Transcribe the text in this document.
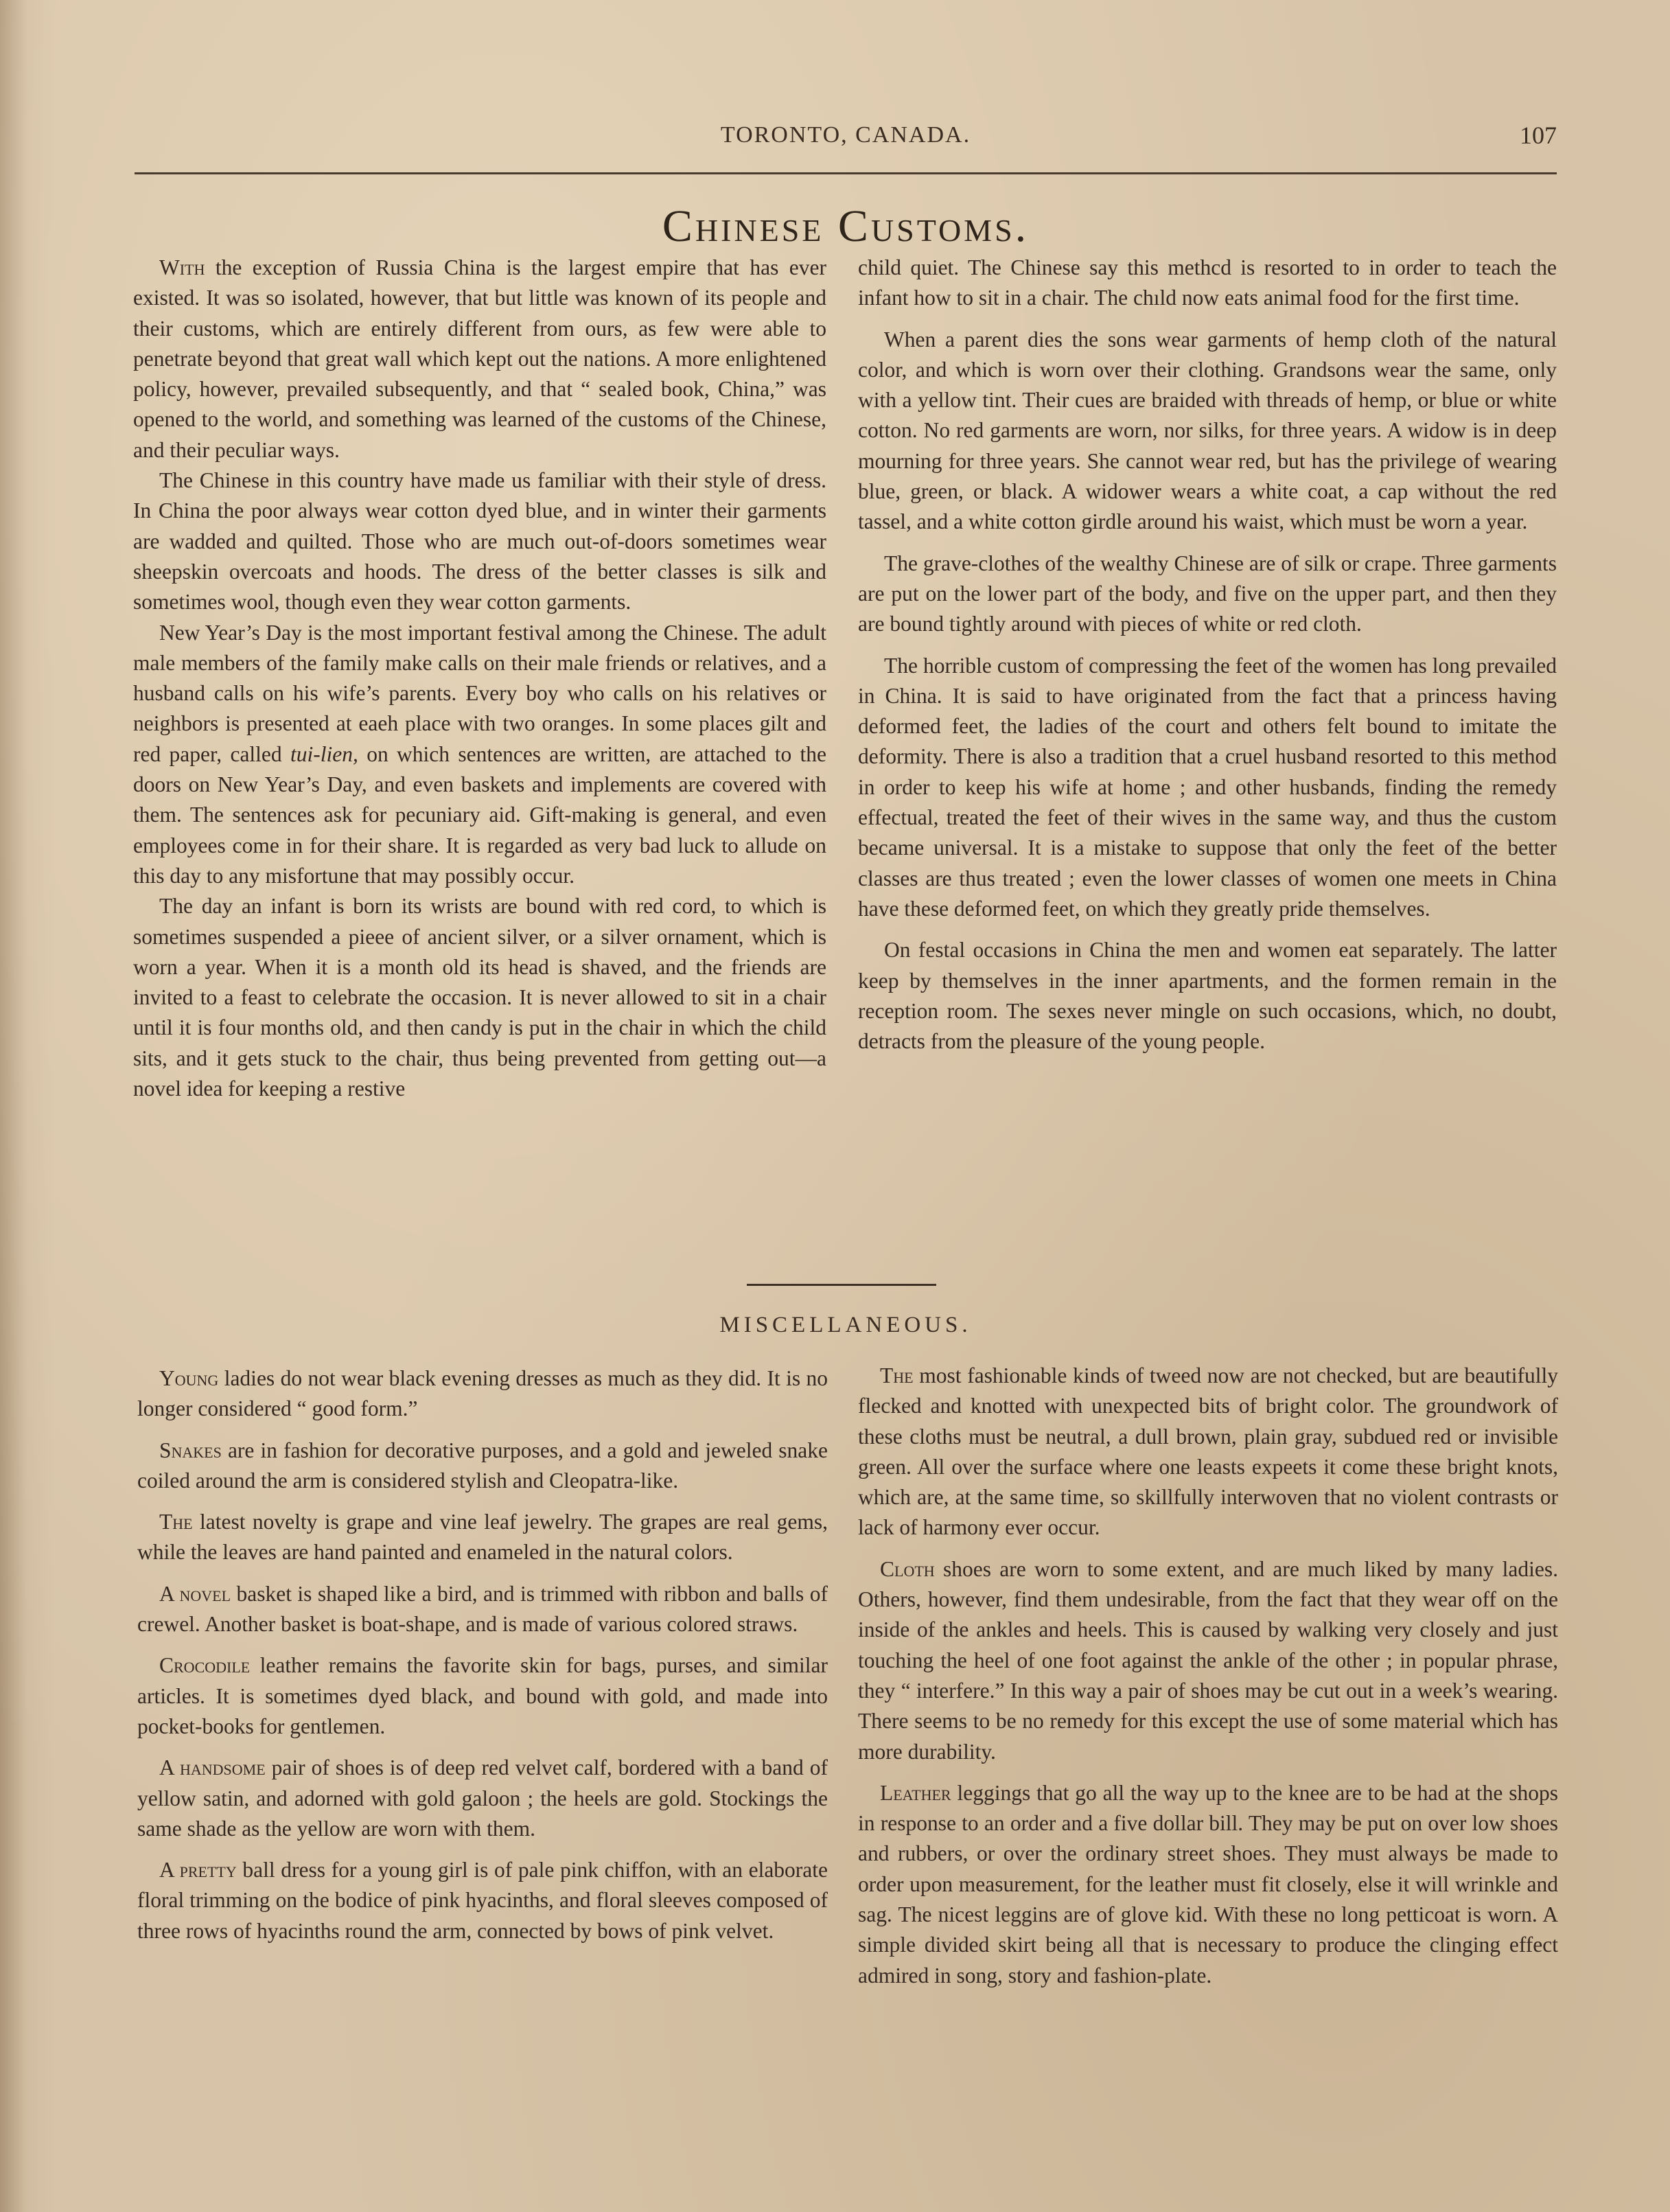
TORONTO, CANADA.	107
Chinese Customs.

With the exception of Russia China is the largest empire that has ever existed. It was so isolated, however, that but little was known of its people and their customs, which are entirely different from ours, as few were able to penetrate beyond that great wall which kept out the nations. A more enlightened policy, however, prevailed subsequently, and that “ sealed book, China,” was opened to the world, and something was learned of the customs of the Chinese, and their peculiar ways.

The Chinese in this country have made us familiar with their style of dress. In China the poor always wear cotton dyed blue, and in winter their garments are wadded and quilted. Those who are much out-of-doors sometimes wear sheepskin overcoats and hoods. The dress of the better classes is silk and sometimes wool, though even they wear cotton garments.

New Year’s Day is the most important festival among the Chinese. The adult male members of the family make calls on their male friends or relatives, and a husband calls on his wife’s parents. Every boy who calls on his relatives or neighbors is presented at eaeh place with two oranges. In some places gilt and red paper, called tui-lien, on which sentences are written, are attached to the doors on New Year’s Day, and even baskets and implements are covered with them. The sentences ask for pecuniary aid. Gift-making is general, and even employees come in for their share. It is regarded as very bad luck to allude on this day to any misfortune that may possibly occur.

The day an infant is born its wrists are bound with red cord, to which is sometimes suspended a pieee of ancient silver, or a silver ornament, which is worn a year. When it is a month old its head is shaved, and the friends are invited to a feast to celebrate the occasion. It is never allowed to sit in a chair until it is four months old, and then candy is put in the chair in which the child sits, and it gets stuck to the chair, thus being prevented from getting out—a novel idea for keeping a restive

child quiet. The Chinese say this methcd is resorted to in order to teach the infant how to sit in a chair. The chıld now eats animal food for the first time.

When a parent dies the sons wear garments of hemp cloth of the natural color, and which is worn over their clothing. Grandsons wear the same, only with a yellow tint. Their cues are braided with threads of hemp, or blue or white cotton. No red garments are worn, nor silks, for three years. A widow is in deep mourning for three years. She cannot wear red, but has the privilege of wearing blue, green, or black. A widower wears a white coat, a cap without the red tassel, and a white cotton girdle around his waist, which must be worn a year.

The grave-clothes of the wealthy Chinese are of silk or crape. Three garments are put on the lower part of the body, and five on the upper part, and then they are bound tightly around with pieces of white or red cloth.

The horrible custom of compressing the feet of the women has long prevailed in China. It is said to have originated from the fact that a princess having deformed feet, the ladies of the court and others felt bound to imitate the deformity. There is also a tradition that a cruel husband resorted to this method in order to keep his wife at home ; and other husbands, finding the remedy effectual, treated the feet of their wives in the same way, and thus the custom became universal. It is a mistake to suppose that only the feet of the better classes are thus treated ; even the lower classes of women one meets in China have these deformed feet, on which they greatly pride themselves.

On festal occasions in China the men and women eat separately. The latter keep by themselves in the inner apartments, and the formen remain in the reception room. The sexes never mingle on such occasions, which, no doubt, detracts from the pleasure of the young people.

MISCELLANEOUS.

Young ladies do not wear black evening dresses as much as they did. It is no longer considered “ good form.”

Snakes are in fashion for decorative purposes, and a gold and jeweled snake coiled around the arm is considered stylish and Cleopatra-like.

The latest novelty is grape and vine leaf jewelry. The grapes are real gems, while the leaves are hand painted and enameled in the natural colors.

A novel basket is shaped like a bird, and is trimmed with ribbon and balls of crewel. Another basket is boat-shape, and is made of various colored straws.

Crocodile leather remains the favorite skin for bags, purses, and similar articles. It is sometimes dyed black, and bound with gold, and made into pocket-books for gentlemen.

A handsome pair of shoes is of deep red velvet calf, bordered with a band of yellow satin, and adorned with gold galoon ; the heels are gold. Stockings the same shade as the yellow are worn with them.

A pretty ball dress for a young girl is of pale pink chiffon, with an elaborate floral trimming on the bodice of pink hyacinths, and floral sleeves composed of three rows of hyacinths round the arm, connected by bows of pink velvet.

The most fashionable kinds of tweed now are not checked, but are beautifully flecked and knotted with unexpected bits of bright color. The groundwork of these cloths must be neutral, a dull brown, plain gray, subdued red or invisible green. All over the surface where one leasts expeets it come these bright knots, which are, at the same time, so skillfully interwoven that no violent contrasts or lack of harmony ever occur.

Cloth shoes are worn to some extent, and are much liked by many ladies. Others, however, find them undesirable, from the fact that they wear off on the inside of the ankles and heels. This is caused by walking very closely and just touching the heel of one foot against the ankle of the other ; in popular phrase, they “ interfere.” In this way a pair of shoes may be cut out in a week’s wearing. There seems to be no remedy for this except the use of some material which has more durability.

Leather leggings that go all the way up to the knee are to be had at the shops in response to an order and a five dollar bill. They may be put on over low shoes and rubbers, or over the ordinary street shoes. They must always be made to order upon measurement, for the leather must fit closely, else it will wrinkle and sag. The nicest leggins are of glove kid. With these no long petticoat is worn. A simple divided skirt being all that is necessary to produce the clinging effect admired in song, story and fashion-plate.
